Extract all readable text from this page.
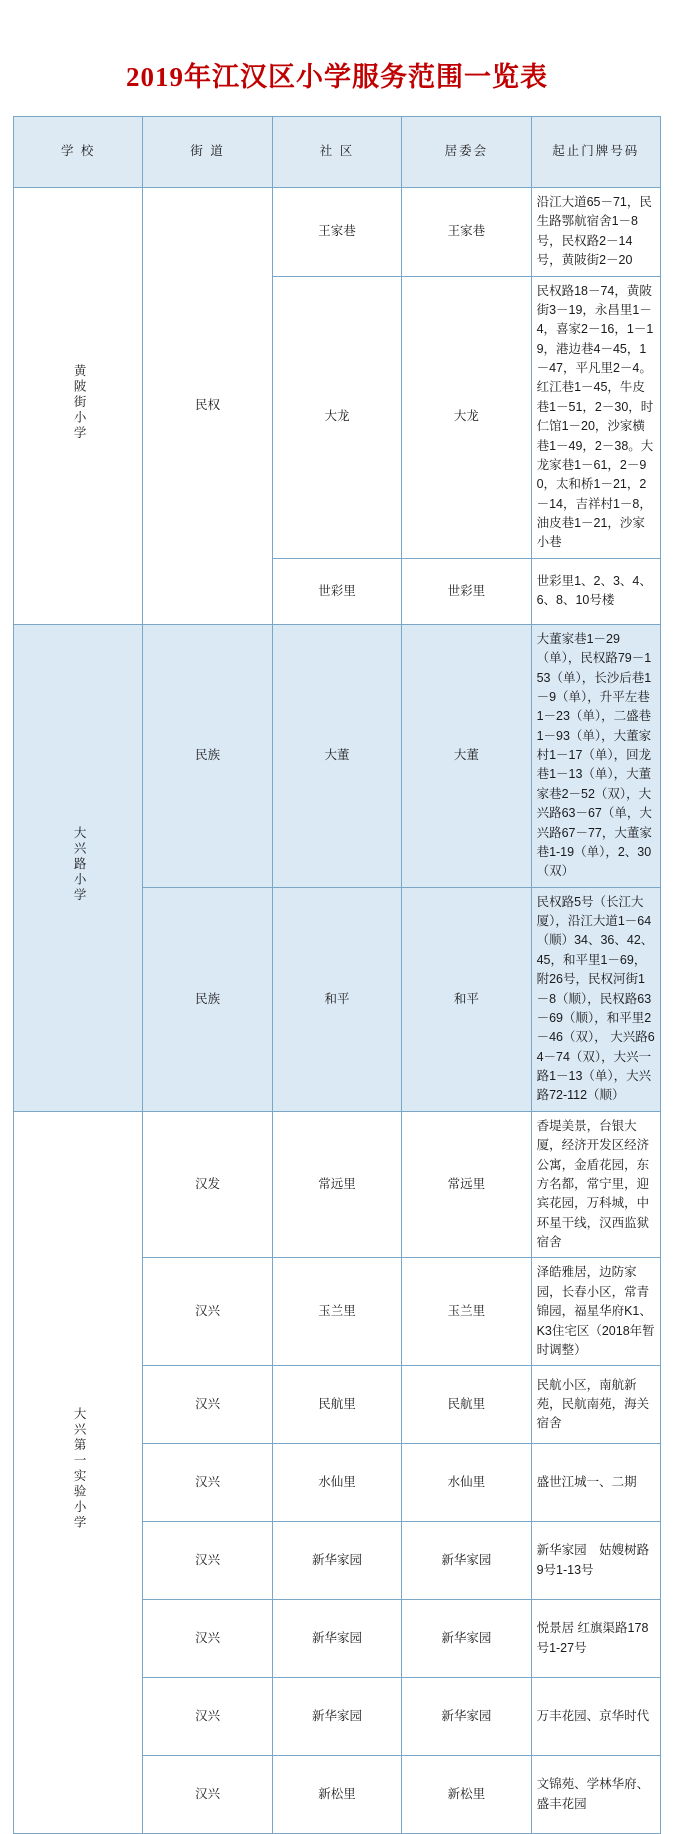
2019年江汉区小学服务范围一览表
学 校	街 道	社 区	居委会	起止门牌号码
黄陂街小学	民权	王家巷	王家巷	沿江大道65－71，民生路鄂航宿舍1－8号，民权路2－14号，黄陂街2－20
		大龙	大龙	民权路18－74，黄陂街3－19，永昌里1－4，喜家2－16，1－19，港边巷4－45，1－47，平凡里2－4。红江巷1－45，牛皮巷1－51，2－30，时仁馆1－20，沙家横巷1－49，2－38。大龙家巷1－61，2－90，太和桥1－21，2－14，吉祥村1－8，油皮巷1－21，沙家小巷
		世彩里	世彩里	世彩里1、2、3、4、6、8、10号楼
大兴路小学	民族	大董	大董	大董家巷1－29（单），民权路79－153（单），长沙后巷1－9（单），升平左巷1－23（单），二盛巷1－93（单），大董家村1－17（单），回龙巷1－13（单），大董家巷2－52（双），大兴路63－67（单，大兴路67－77，大董家巷1-19（单），2、30（双）
	民族	和平	和平	民权路5号（长江大厦），沿江大道1－64（顺）34、36、42、45，和平里1－69，附26号，民权河街1－8（顺），民权路63－69（顺），和平里2－46（双）， 大兴路64－74（双），大兴一路1－13（单），大兴路72-112（顺）
大兴第一实验小学	汉发	常远里	常远里	香堤美景，台银大厦，经济开发区经济公寓，金盾花园，东方名都，常宁里，迎宾花园，万科城，中环星干线，汉西监狱宿舍
	汉兴	玉兰里	玉兰里	泽皓雅居，边防家园，长春小区，常青锦园，福星华府K1、K3住宅区（2018年暂时调整）
	汉兴	民航里	民航里	民航小区，南航新苑，民航南苑，海关宿舍
	汉兴	水仙里	水仙里	盛世江城一、二期
	汉兴	新华家园	新华家园	新华家园　姑嫂树路9号1-13号
	汉兴	新华家园	新华家园	悦景居 红旗渠路178号1-27号
	汉兴	新华家园	新华家园	万丰花园、京华时代
	汉兴	新松里	新松里	文锦苑、学林华府、盛丰花园
